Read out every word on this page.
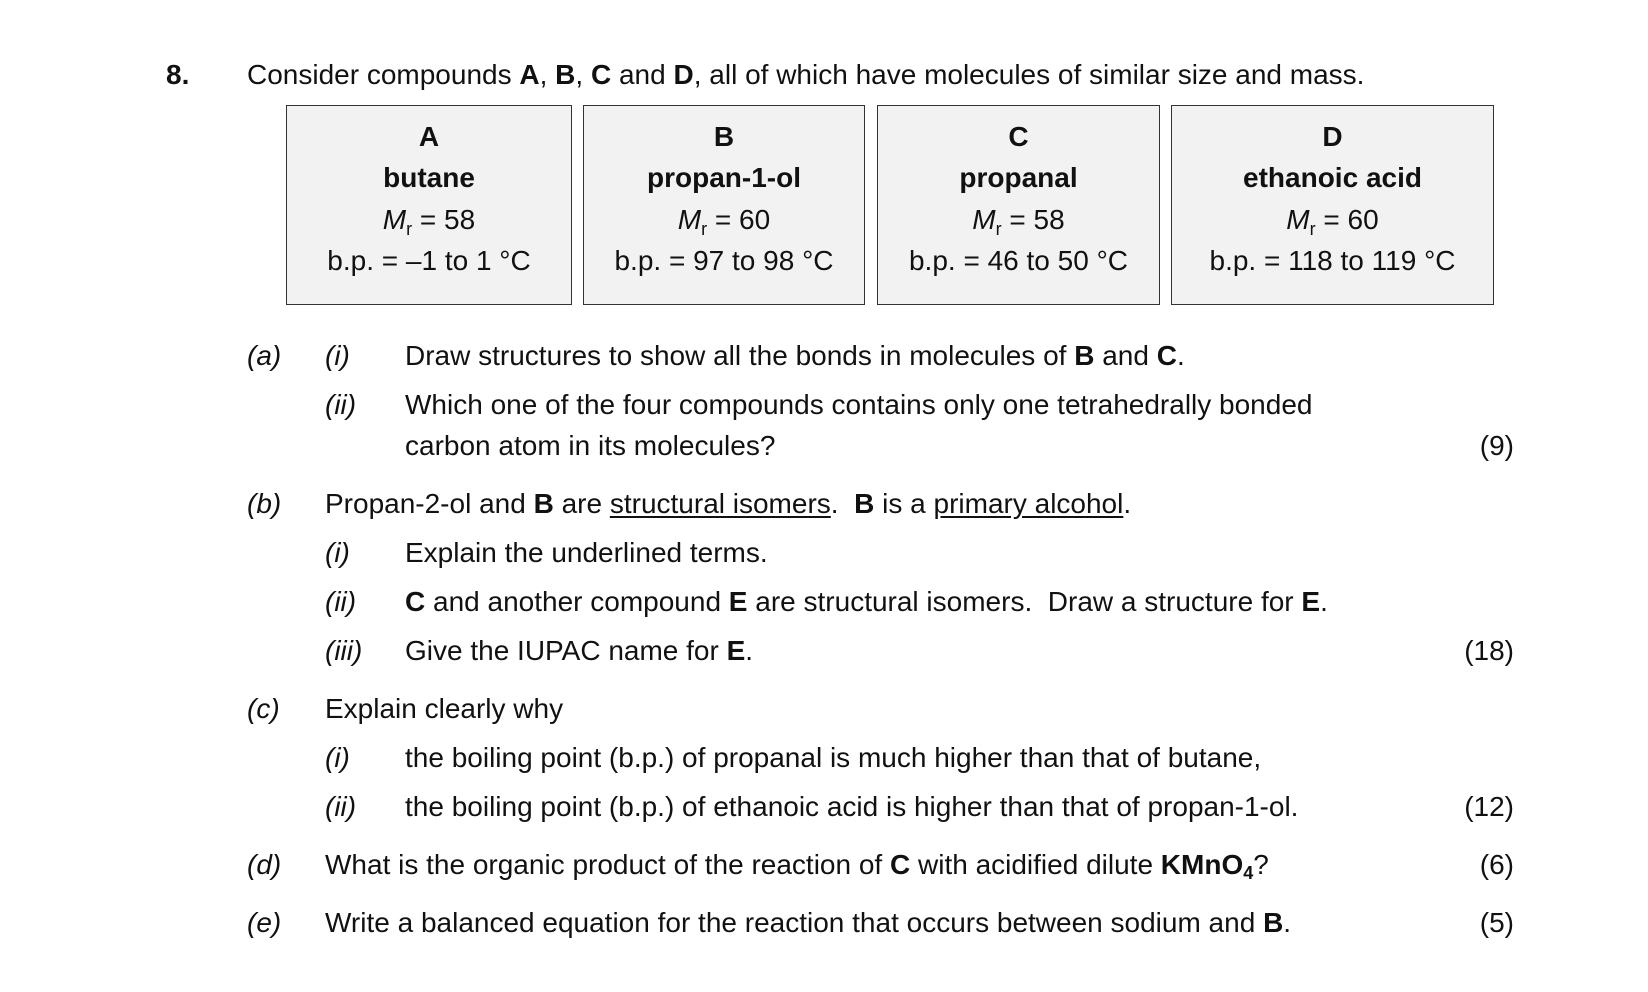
8. Consider compounds A, B, C and D, all of which have molecules of similar size and mass.
A
butane
$M_r = 58$
b.p. = –1 to 1 °C
B
propan-1-ol
$M_r = 60$
b.p. = 97 to 98 °C
C
propanal
$M_r = 58$
b.p. = 46 to 50 °C
D
ethanoic acid
$M_r = 60$
b.p. = 118 to 119 °C
(a) (i) Draw structures to show all the bonds in molecules of B and C.
(ii) Which one of the four compounds contains only one tetrahedrally bonded
carbon atom in its molecules?	(9)
(b) Propan-2-ol and B are structural isomers.  B is a primary alcohol.
(i) Explain the underlined terms.
(ii) C and another compound E are structural isomers.  Draw a structure for E.
(iii) Give the IUPAC name for E.	(18)
(c) Explain clearly why
(i) the boiling point (b.p.) of propanal is much higher than that of butane,
(ii) the boiling point (b.p.) of ethanoic acid is higher than that of propan-1-ol.	(12)
(d) What is the organic product of the reaction of C with acidified dilute KMnO4?	(6)
(e) Write a balanced equation for the reaction that occurs between sodium and B.	(5)
